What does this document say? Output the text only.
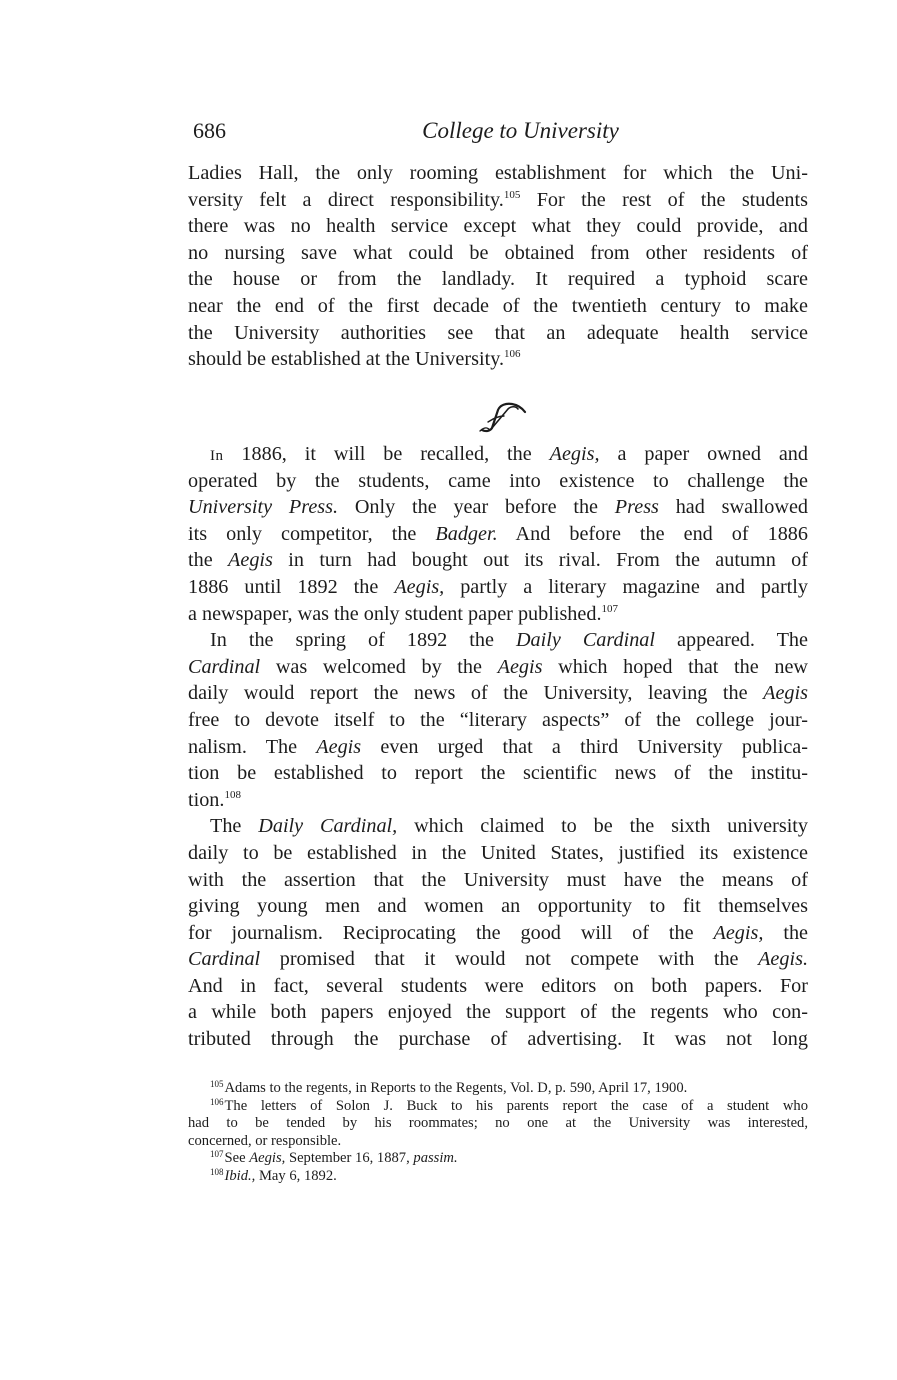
686	College to University
Ladies Hall, the only rooming establishment for which the Uni-
versity felt a direct responsibility.$^{105}$ For the rest of the students
there was no health service except what they could provide, and
no nursing save what could be obtained from other residents of
the house or from the landlady. It required a typhoid scare
near the end of the first decade of the twentieth century to make
the University authorities see that an adequate health service
should be established at the University.$^{106}$
In 1886, it will be recalled, the Aegis, a paper owned and
operated by the students, came into existence to challenge the
University Press. Only the year before the Press had swallowed
its only competitor, the Badger. And before the end of 1886
the Aegis in turn had bought out its rival. From the autumn of
1886 until 1892 the Aegis, partly a literary magazine and partly
a newspaper, was the only student paper published.$^{107}$
In the spring of 1892 the Daily Cardinal appeared. The
Cardinal was welcomed by the Aegis which hoped that the new
daily would report the news of the University, leaving the Aegis
free to devote itself to the “literary aspects” of the college jour-
nalism. The Aegis even urged that a third University publica-
tion be established to report the scientific news of the institu-
tion.$^{108}$
The Daily Cardinal, which claimed to be the sixth university
daily to be established in the United States, justified its existence
with the assertion that the University must have the means of
giving young men and women an opportunity to fit themselves
for journalism. Reciprocating the good will of the Aegis, the
Cardinal promised that it would not compete with the Aegis.
And in fact, several students were editors on both papers. For
a while both papers enjoyed the support of the regents who con-
tributed through the purchase of advertising. It was not long
$^{105}$Adams to the regents, in Reports to the Regents, Vol. D, p. 590, April 17, 1900.
$^{106}$The letters of Solon J. Buck to his parents report the case of a student who
had to be tended by his roommates; no one at the University was interested,
concerned, or responsible.
$^{107}$See Aegis, September 16, 1887, passim.
$^{108}$Ibid., May 6, 1892.
